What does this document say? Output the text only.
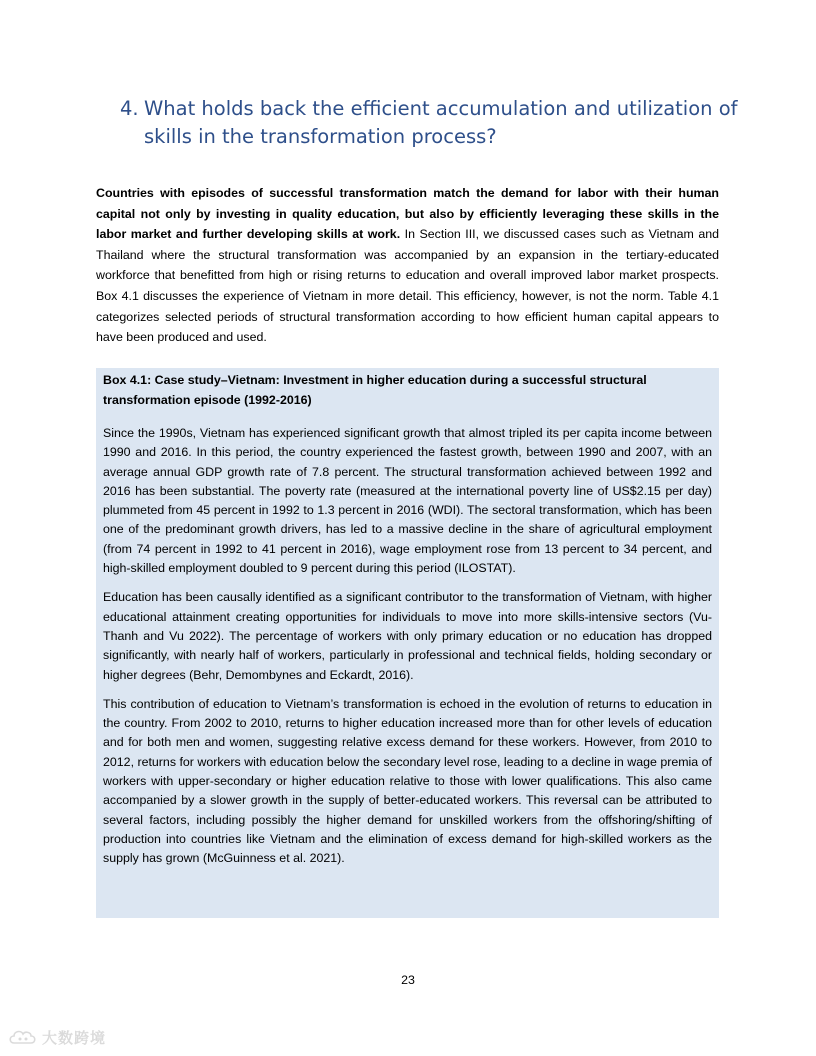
4. What holds back the efficient accumulation and utilization of skills in the transformation process?

Countries with episodes of successful transformation match the demand for labor with their human capital not only by investing in quality education, but also by efficiently leveraging these skills in the labor market and further developing skills at work. In Section III, we discussed cases such as Vietnam and Thailand where the structural transformation was accompanied by an expansion in the tertiary-educated workforce that benefitted from high or rising returns to education and overall improved labor market prospects. Box 4.1 discusses the experience of Vietnam in more detail. This efficiency, however, is not the norm. Table 4.1 categorizes selected periods of structural transformation according to how efficient human capital appears to have been produced and used.

Box 4.1: Case study–Vietnam: Investment in higher education during a successful structural transformation episode (1992-2016)

Since the 1990s, Vietnam has experienced significant growth that almost tripled its per capita income between 1990 and 2016. In this period, the country experienced the fastest growth, between 1990 and 2007, with an average annual GDP growth rate of 7.8 percent. The structural transformation achieved between 1992 and 2016 has been substantial. The poverty rate (measured at the international poverty line of US$2.15 per day) plummeted from 45 percent in 1992 to 1.3 percent in 2016 (WDI). The sectoral transformation, which has been one of the predominant growth drivers, has led to a massive decline in the share of agricultural employment (from 74 percent in 1992 to 41 percent in 2016), wage employment rose from 13 percent to 34 percent, and high-skilled employment doubled to 9 percent during this period (ILOSTAT).

Education has been causally identified as a significant contributor to the transformation of Vietnam, with higher educational attainment creating opportunities for individuals to move into more skills-intensive sectors (Vu-Thanh and Vu 2022). The percentage of workers with only primary education or no education has dropped significantly, with nearly half of workers, particularly in professional and technical fields, holding secondary or higher degrees (Behr, Demombynes and Eckardt, 2016).

This contribution of education to Vietnam’s transformation is echoed in the evolution of returns to education in the country. From 2002 to 2010, returns to higher education increased more than for other levels of education and for both men and women, suggesting relative excess demand for these workers. However, from 2010 to 2012, returns for workers with education below the secondary level rose, leading to a decline in wage premia of workers with upper-secondary or higher education relative to those with lower qualifications. This also came accompanied by a slower growth in the supply of better-educated workers. This reversal can be attributed to several factors, including possibly the higher demand for unskilled workers from the offshoring/shifting of production into countries like Vietnam and the elimination of excess demand for high-skilled workers as the supply has grown (McGuinness et al. 2021).

23
大数跨境
